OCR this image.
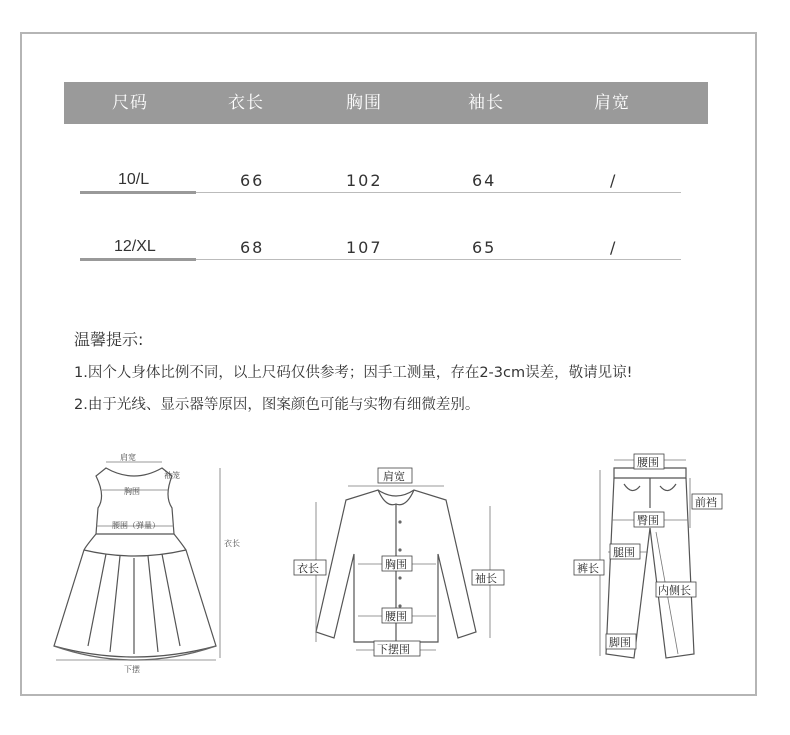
尺码	衣长	胸围	袖长	肩宽
10/L	66	102	64	/
12/XL	68	107	65	/
温馨提示:
1.因个人身体比例不同，以上尺码仅供参考；因手工测量，存在2-3cm误差，敬请见谅!
2.由于光线、显示器等原因，图案颜色可能与实物有细微差别。
肩宽
袖笼
胸围
腰围（弹量）
衣长
下摆
肩宽
胸围
腰围
下摆围
衣长
袖长
腰围
前裆
臀围
腿围
裤长
内侧长
脚围
